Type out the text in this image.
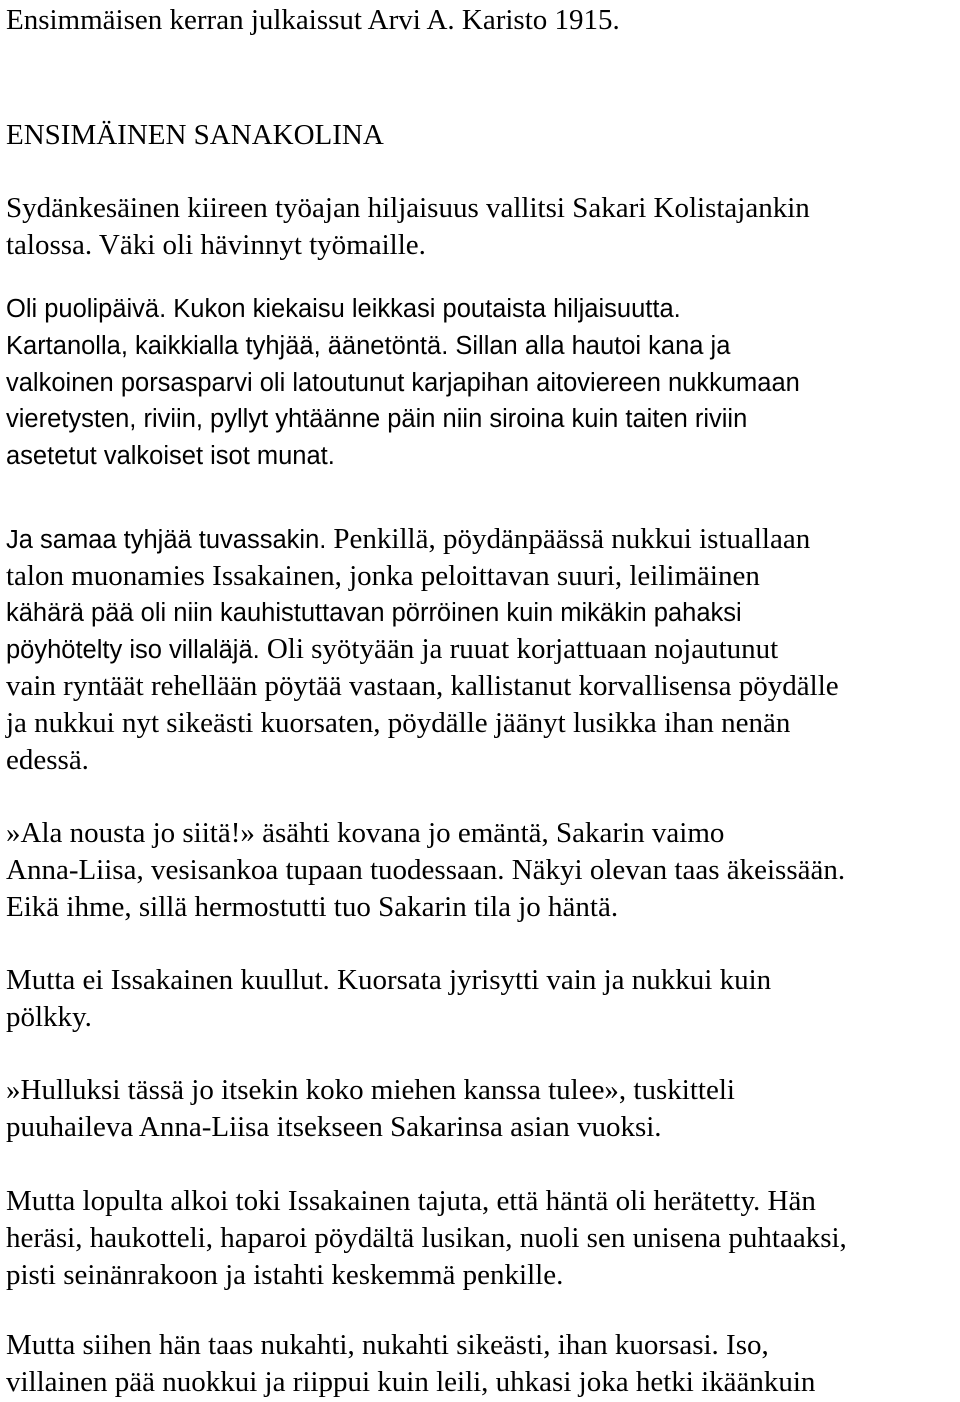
Ensimmäisen kerran julkaissut Arvi A. Karisto 1915.
ENSIMÄINEN SANAKOLINA
Sydänkesäinen kiireen työajan hiljaisuus vallitsi Sakari Kolistajankin
talossa. Väki oli hävinnyt työmaille.
Oli puolipäivä. Kukon kiekaisu leikkasi poutaista hiljaisuutta.
Kartanolla, kaikkialla tyhjää, äänetöntä. Sillan alla hautoi kana ja
valkoinen porsasparvi oli latoutunut karjapihan aitoviereen nukkumaan
vieretysten, riviin, pyllyt yhtäänne päin niin siroina kuin taiten riviin
asetetut valkoiset isot munat.
Ja samaa tyhjää tuvassakin. Penkillä, pöydänpäässä nukkui istuallaan
talon muonamies Issakainen, jonka peloittavan suuri, leilimäinen
kähärä pää oli niin kauhistuttavan pörröinen kuin mikäkin pahaksi
pöyhötelty iso villaläjä. Oli syötyään ja ruuat korjattuaan nojautunut
vain ryntäät rehellään pöytää vastaan, kallistanut korvallisensa pöydälle
ja nukkui nyt sikeästi kuorsaten, pöydälle jäänyt lusikka ihan nenän
edessä.
»Ala nousta jo siitä!» äsähti kovana jo emäntä, Sakarin vaimo
Anna-Liisa, vesisankoa tupaan tuodessaan. Näkyi olevan taas äkeissään.
Eikä ihme, sillä hermostutti tuo Sakarin tila jo häntä.
Mutta ei Issakainen kuullut. Kuorsata jyrisytti vain ja nukkui kuin
pölkky.
»Hulluksi tässä jo itsekin koko miehen kanssa tulee», tuskitteli
puuhaileva Anna-Liisa itsekseen Sakarinsa asian vuoksi.
Mutta lopulta alkoi toki Issakainen tajuta, että häntä oli herätetty. Hän
heräsi, haukotteli, haparoi pöydältä lusikan, nuoli sen unisena puhtaaksi,
pisti seinänrakoon ja istahti keskemmä penkille.
Mutta siihen hän taas nukahti, nukahti sikeästi, ihan kuorsasi. Iso,
villainen pää nuokkui ja riippui kuin leili, uhkasi joka hetki ikäänkuin
